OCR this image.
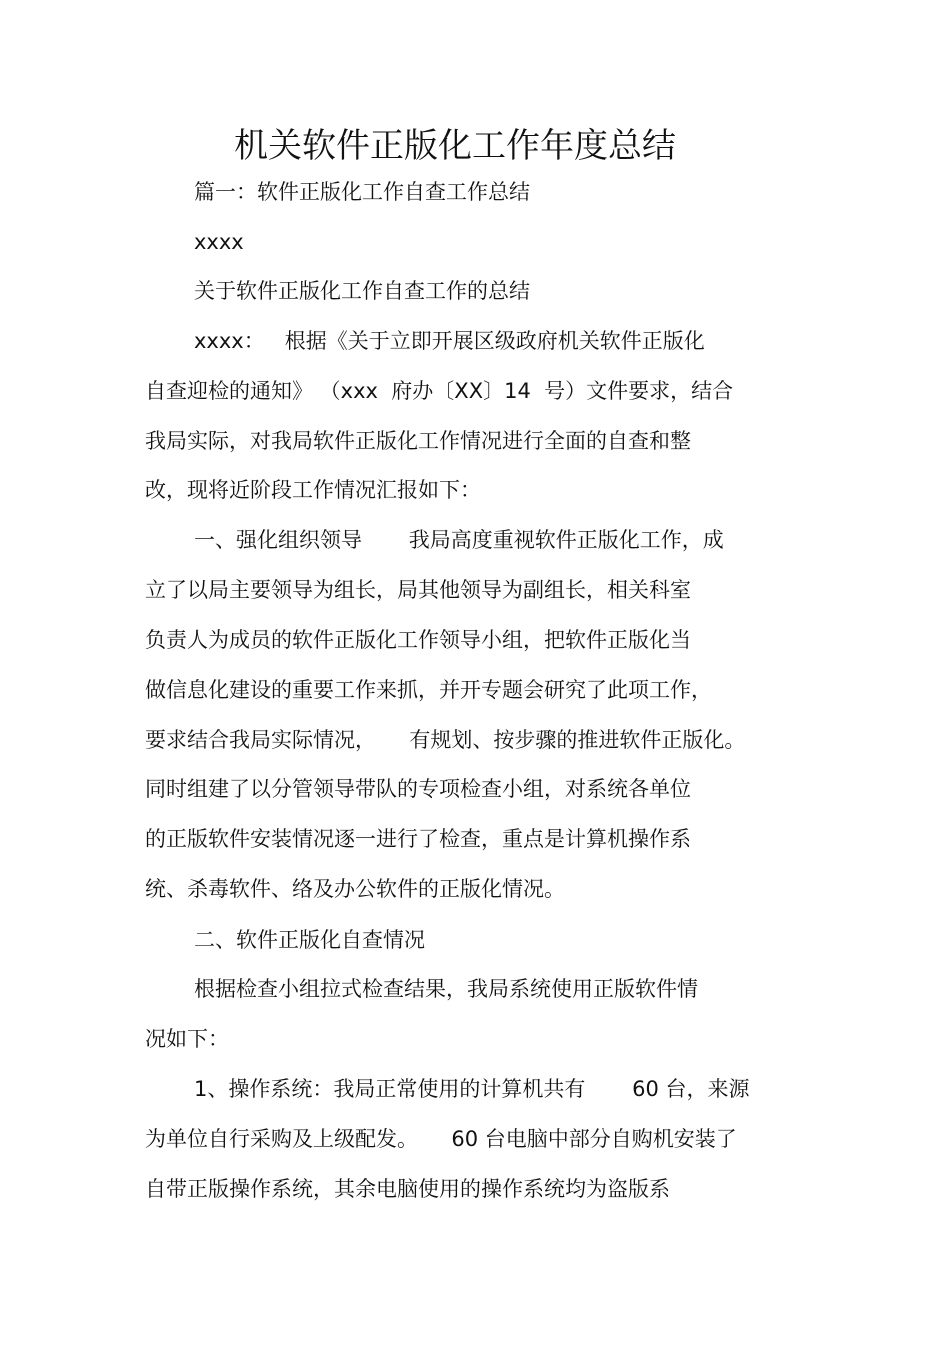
机关软件正版化工作年度总结
篇一：软件正版化工作自查工作总结
xxxx
关于软件正版化工作自查工作的总结
xxxx：   根据《关于立即开展区级政府机关软件正版化
自查迎检的通知》 （xxx  府办〔XX〕14  号）文件要求，结合
我局实际，对我局软件正版化工作情况进行全面的自查和整
改，现将近阶段工作情况汇报如下：
一、强化组织领导       我局高度重视软件正版化工作，成
立了以局主要领导为组长，局其他领导为副组长，相关科室
负责人为成员的软件正版化工作领导小组，把软件正版化当
做信息化建设的重要工作来抓，并开专题会研究了此项工作，
要求结合我局实际情况，     有规划、按步骤的推进软件正版化。
同时组建了以分管领导带队的专项检查小组，对系统各单位
的正版软件安装情况逐一进行了检查，重点是计算机操作系
统、杀毒软件、络及办公软件的正版化情况。
二、软件正版化自查情况
根据检查小组拉式检查结果，我局系统使用正版软件情
况如下：
1、操作系统：我局正常使用的计算机共有       60 台，来源
为单位自行采购及上级配发。     60 台电脑中部分自购机安装了
自带正版操作系统，其余电脑使用的操作系统均为盗版系
